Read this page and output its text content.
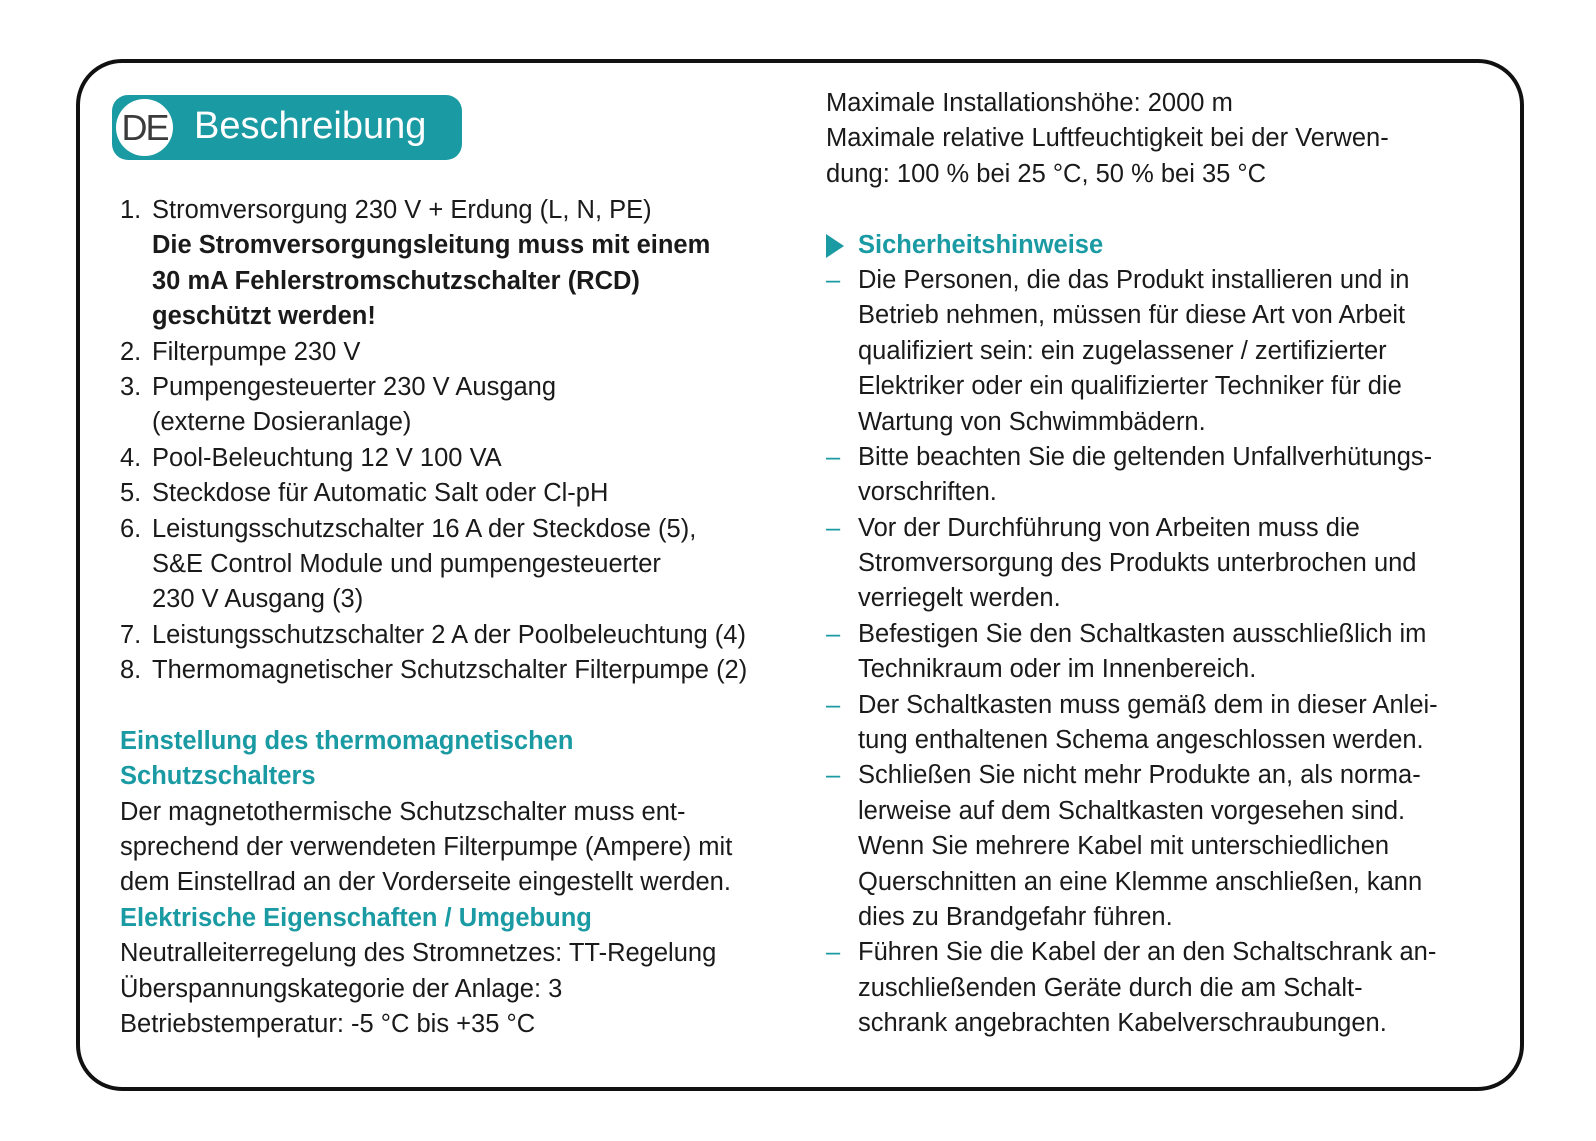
DE Beschreibung
Stromversorgung 230 V + Erdung (L, N, PE)
1.
Die Stromversorgungsleitung muss mit einem
30 mA Fehlerstromschutzschalter (RCD)
geschützt werden!
Filterpumpe 230 V
2.
Pumpengesteuerter 230 V Ausgang
3.
(externe Dosieranlage)
Pool-Beleuchtung 12 V 100 VA
4.
Steckdose für Automatic Salt oder Cl-pH
5.
Leistungsschutzschalter 16 A der Steckdose (5),
6.
S&E Control Module und pumpengesteuerter
230 V Ausgang (3)
Leistungsschutzschalter 2 A der Poolbeleuchtung (4)
7.
Thermomagnetischer Schutzschalter Filterpumpe (2)
8.
Einstellung des thermomagnetischen
Schutzschalters
Der magnetothermische Schutzschalter muss ent-
sprechend der verwendeten Filterpumpe (Ampere) mit
dem Einstellrad an der Vorderseite eingestellt werden.
Elektrische Eigenschaften / Umgebung
Neutralleiterregelung des Stromnetzes: TT-Regelung
Überspannungskategorie der Anlage: 3
Betriebstemperatur: -5 °C bis +35 °C
Maximale Installationshöhe: 2000 m
Maximale relative Luftfeuchtigkeit bei der Verwen-
dung: 100 % bei 25 °C, 50 % bei 35 °C
Sicherheitshinweise
– Die Personen, die das Produkt installieren und in
Betrieb nehmen, müssen für diese Art von Arbeit
qualifiziert sein: ein zugelassener / zertifizierter
Elektriker oder ein qualifizierter Techniker für die
Wartung von Schwimmbädern.
– Bitte beachten Sie die geltenden Unfallverhütungs-
vorschriften.
– Vor der Durchführung von Arbeiten muss die
Stromversorgung des Produkts unterbrochen und
verriegelt werden.
– Befestigen Sie den Schaltkasten ausschließlich im
Technikraum oder im Innenbereich.
– Der Schaltkasten muss gemäß dem in dieser Anlei-
tung enthaltenen Schema angeschlossen werden.
– Schließen Sie nicht mehr Produkte an, als norma-
lerweise auf dem Schaltkasten vorgesehen sind.
Wenn Sie mehrere Kabel mit unterschiedlichen
Querschnitten an eine Klemme anschließen, kann
dies zu Brandgefahr führen.
– Führen Sie die Kabel der an den Schaltschrank an-
zuschließenden Geräte durch die am Schalt-
schrank angebrachten Kabelverschraubungen.
